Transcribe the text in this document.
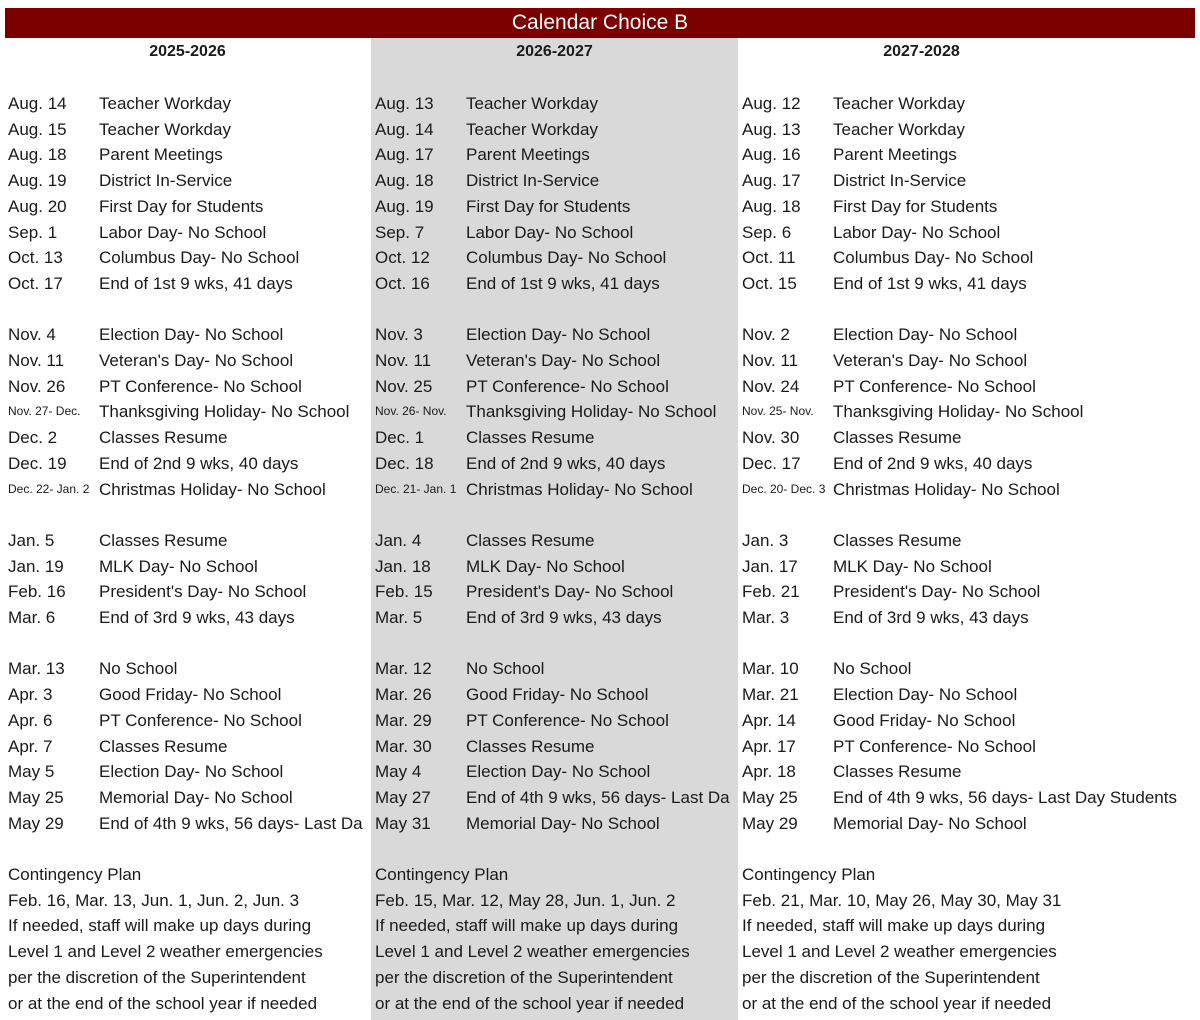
Calendar Choice B
2025-2026
Aug. 14 Teacher Workday
Aug. 15 Teacher Workday
Aug. 18 Parent Meetings
Aug. 19 District In-Service
Aug. 20 First Day for Students
Sep. 1 Labor Day- No School
Oct. 13 Columbus Day- No School
Oct. 17 End of 1st 9 wks, 41 days
Nov. 4	Election Day- No School
Nov. 11 Veteran's Day- No School
Nov. 26 PT Conference- No School
Nov. 27- Dec. Thanksgiving Holiday- No School
Dec. 2 Classes Resume
Dec. 19 End of 2nd 9 wks, 40 days
Dec. 22- Jan. 2 Christmas Holiday- No School
Jan. 5	Classes Resume
Jan. 19 MLK Day- No School
Feb. 16 President's Day- No School
Mar. 6	End of 3rd 9 wks, 43 days
Mar. 13 No School
Apr. 3	Good Friday- No School
Apr. 6	PT Conference- No School
Apr. 7	Classes Resume
May 5	Election Day- No School
May 25 Memorial Day- No School
May 29 End of 4th 9 wks, 56 days- Last Da
Contingency Plan
Feb. 16, Mar. 13, Jun. 1, Jun. 2, Jun. 3
If needed, staff will make up days during
Level 1 and Level 2 weather emergencies
per the discretion of the Superintendent
or at the end of the school year if needed
2026-2027
Aug. 13 Teacher Workday
Aug. 14 Teacher Workday
Aug. 17 Parent Meetings
Aug. 18 District In-Service
Aug. 19 First Day for Students
Sep. 7 Labor Day- No School
Oct. 12 Columbus Day- No School
Oct. 16 End of 1st 9 wks, 41 days
Nov. 3	Election Day- No School
Nov. 11 Veteran's Day- No School
Nov. 25 PT Conference- No School
Nov. 26- Nov. Thanksgiving Holiday- No School
Dec. 1 Classes Resume
Dec. 18 End of 2nd 9 wks, 40 days
Dec. 21- Jan. 1 Christmas Holiday- No School
Jan. 4	Classes Resume
Jan. 18 MLK Day- No School
Feb. 15 President's Day- No School
Mar. 5	End of 3rd 9 wks, 43 days
Mar. 12 No School
Mar. 26 Good Friday- No School
Mar. 29 PT Conference- No School
Mar. 30 Classes Resume
May 4	Election Day- No School
May 27 End of 4th 9 wks, 56 days- Last Da
May 31 Memorial Day- No School
Contingency Plan
Feb. 15, Mar. 12, May 28, Jun. 1, Jun. 2
If needed, staff will make up days during
Level 1 and Level 2 weather emergencies
per the discretion of the Superintendent
or at the end of the school year if needed
2027-2028
Aug. 12 Teacher Workday
Aug. 13 Teacher Workday
Aug. 16 Parent Meetings
Aug. 17 District In-Service
Aug. 18 First Day for Students
Sep. 6 Labor Day- No School
Oct. 11 Columbus Day- No School
Oct. 15 End of 1st 9 wks, 41 days
Nov. 2	Election Day- No School
Nov. 11 Veteran's Day- No School
Nov. 24 PT Conference- No School
Nov. 25- Nov. Thanksgiving Holiday- No School
Nov. 30 Classes Resume
Dec. 17 End of 2nd 9 wks, 40 days
Dec. 20- Dec. 3 Christmas Holiday- No School
Jan. 3	Classes Resume
Jan. 17 MLK Day- No School
Feb. 21 President's Day- No School
Mar. 3	End of 3rd 9 wks, 43 days
Mar. 10 No School
Mar. 21 Election Day- No School
Apr. 14 Good Friday- No School
Apr. 17 PT Conference- No School
Apr. 18 Classes Resume
May 25 End of 4th 9 wks, 56 days- Last Day Students
May 29 Memorial Day- No School
Contingency Plan
Feb. 21, Mar. 10, May 26, May 30, May 31
If needed, staff will make up days during
Level 1 and Level 2 weather emergencies
per the discretion of the Superintendent
or at the end of the school year if needed
